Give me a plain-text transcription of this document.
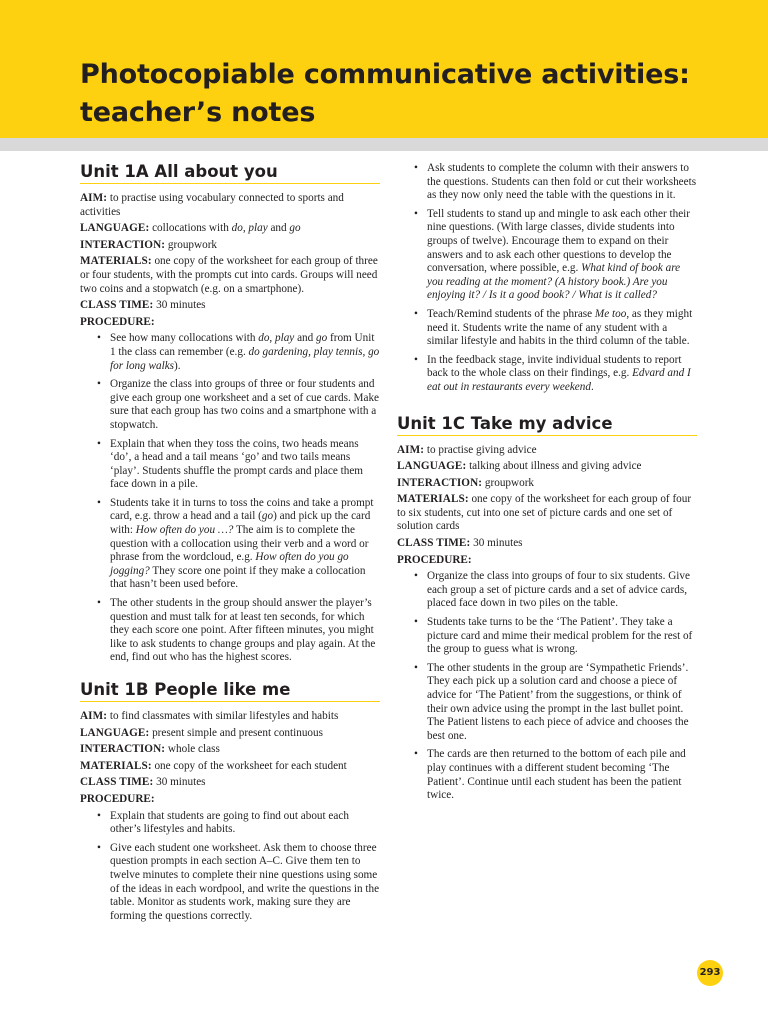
Photocopiable communicative activities:
teacher’s notes
Unit 1A All about you

AIM: to practise using vocabulary connected to sports and activities

LANGUAGE: collocations with do, play and go

INTERACTION: groupwork

MATERIALS: one copy of the worksheet for each group of three or four students, with the prompts cut into cards. Groups will need two coins and a stopwatch (e.g. on a smartphone).

CLASS TIME: 30 minutes

PROCEDURE:

• See how many collocations with do, play and go from Unit 1 the class can remember (e.g. do gardening, play tennis, go for long walks).
• Organize the class into groups of three or four students and give each group one worksheet and a set of cue cards. Make sure that each group has two coins and a smartphone with a stopwatch.
• Explain that when they toss the coins, two heads means ‘do’, a head and a tail means ‘go’ and two tails means ‘play’. Students shuffle the prompt cards and place them face down in a pile.
• Students take it in turns to toss the coins and take a prompt card, e.g. throw a head and a tail (go) and pick up the card with: How often do you …? The aim is to complete the question with a collocation using their verb and a word or phrase from the wordcloud, e.g. How often do you go jogging? They score one point if they make a collocation that hasn’t been used before.
• The other students in the group should answer the player’s question and must talk for at least ten seconds, for which they each score one point. After fifteen minutes, you might like to ask students to change groups and play again. At the end, find out who has the highest scores.
Unit 1B People like me

AIM: to find classmates with similar lifestyles and habits

LANGUAGE: present simple and present continuous

INTERACTION: whole class

MATERIALS: one copy of the worksheet for each student

CLASS TIME: 30 minutes

PROCEDURE:

• Explain that students are going to find out about each other’s lifestyles and habits.
• Give each student one worksheet. Ask them to choose three question prompts in each section A–C. Give them ten to twelve minutes to complete their nine questions using some of the ideas in each wordpool, and write the questions in the table. Monitor as students work, making sure they are forming the questions correctly.
• Ask students to complete the column with their answers to the questions. Students can then fold or cut their worksheets as they now only need the table with the questions in it.
• Tell students to stand up and mingle to ask each other their nine questions. (With large classes, divide students into groups of twelve). Encourage them to expand on their answers and to ask each other questions to develop the conversation, where possible, e.g. What kind of book are you reading at the moment? (A history book.) Are you enjoying it? / Is it a good book? / What is it called?
• Teach/Remind students of the phrase Me too, as they might need it. Students write the name of any student with a similar lifestyle and habits in the third column of the table.
• In the feedback stage, invite individual students to report back to the whole class on their findings, e.g. Edvard and I eat out in restaurants every weekend.
Unit 1C Take my advice

AIM: to practise giving advice

LANGUAGE: talking about illness and giving advice

INTERACTION: groupwork

MATERIALS: one copy of the worksheet for each group of four to six students, cut into one set of picture cards and one set of solution cards

CLASS TIME: 30 minutes

PROCEDURE:

• Organize the class into groups of four to six students. Give each group a set of picture cards and a set of advice cards, placed face down in two piles on the table.
• Students take turns to be the ‘The Patient’. They take a picture card and mime their medical problem for the rest of the group to guess what is wrong.
• The other students in the group are ‘Sympathetic Friends’. They each pick up a solution card and choose a piece of advice for ‘The Patient’ from the suggestions, or think of their own advice using the prompt in the last bullet point. The Patient listens to each piece of advice and chooses the best one.
• The cards are then returned to the bottom of each pile and play continues with a different student becoming ‘The Patient’. Continue until each student has been the patient twice.
293
